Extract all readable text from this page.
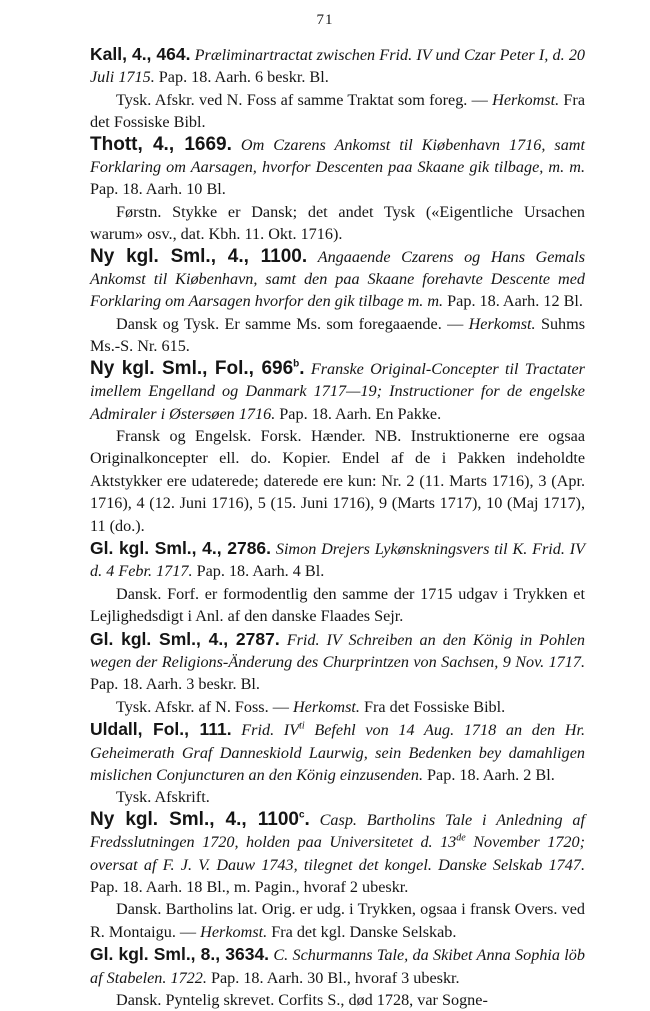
71

Kall, 4., 464. Præliminartractat zwischen Frid. IV und Czar Peter I, d. 20 Juli 1715. Pap. 18. Aarh. 6 beskr. Bl.

Tysk. Afskr. ved N. Foss af samme Traktat som foreg. — Herkomst. Fra det Fossiske Bibl.

Thott, 4., 1669. Om Czarens Ankomst til Kiøbenhavn 1716, samt Forklaring om Aarsagen, hvorfor Descenten paa Skaane gik tilbage, m. m. Pap. 18. Aarh. 10 Bl.

Førstn. Stykke er Dansk; det andet Tysk («Eigentliche Ursachen warum» osv., dat. Kbh. 11. Okt. 1716).

Ny kgl. Sml., 4., 1100. Angaaende Czarens og Hans Gemals Ankomst til Kiøbenhavn, samt den paa Skaane forehavte Descente med Forklaring om Aarsagen hvorfor den gik tilbage m. m. Pap. 18. Aarh. 12 Bl.

Dansk og Tysk. Er samme Ms. som foregaaende. — Herkomst. Suhms Ms.-S. Nr. 615.

Ny kgl. Sml., Fol., 696$^b$. Franske Original-Concepter til Tractater imellem Engelland og Danmark 1717—19; Instructioner for de engelske Admiraler i Østersøen 1716. Pap. 18. Aarh. En Pakke.

Fransk og Engelsk. Forsk. Hænder. NB. Instruktionerne ere ogsaa Originalkoncepter ell. do. Kopier. Endel af de i Pakken indeholdte Aktstykker ere udaterede; daterede ere kun: Nr. 2 (11. Marts 1716), 3 (Apr. 1716), 4 (12. Juni 1716), 5 (15. Juni 1716), 9 (Marts 1717), 10 (Maj 1717), 11 (do.).

Gl. kgl. Sml., 4., 2786. Simon Drejers Lykønskningsvers til K. Frid. IV d. 4 Febr. 1717. Pap. 18. Aarh. 4 Bl.

Dansk. Forf. er formodentlig den samme der 1715 udgav i Trykken et Lejlighedsdigt i Anl. af den danske Flaades Sejr.

Gl. kgl. Sml., 4., 2787. Frid. IV Schreiben an den König in Pohlen wegen der Religions-Änderung des Churprintzen von Sachsen, 9 Nov. 1717. Pap. 18. Aarh. 3 beskr. Bl.

Tysk. Afskr. af N. Foss. — Herkomst. Fra det Fossiske Bibl.

Uldall, Fol., 111. Frid. $IV^{ti}$ Befehl von 14 Aug. 1718 an den Hr. Geheimerath Graf Danneskiold Laurwig, sein Bedenken bey damahligen mislichen Conjuncturen an den König einzusenden. Pap. 18. Aarh. 2 Bl.

Tysk. Afskrift.

Ny kgl. Sml., 4., 1100$^c$. Casp. Bartholins Tale i Anledning af Fredsslutningen 1720, holden paa Universitetet d. 13de November 1720; oversat af F. J. V. Dauw 1743, tilegnet det kongel. Danske Selskab 1747. Pap. 18. Aarh. 18 Bl., m. Pagin., hvoraf 2 ubeskr.

Dansk. Bartholins lat. Orig. er udg. i Trykken, ogsaa i fransk Overs. ved R. Montaigu. — Herkomst. Fra det kgl. Danske Selskab.

Gl. kgl. Sml., 8., 3634. C. Schurmanns Tale, da Skibet Anna Sophia löb af Stabelen. 1722. Pap. 18. Aarh. 30 Bl., hvoraf 3 ubeskr.

Dansk. Pyntelig skrevet. Corfits S., død 1728, var Sogne-
